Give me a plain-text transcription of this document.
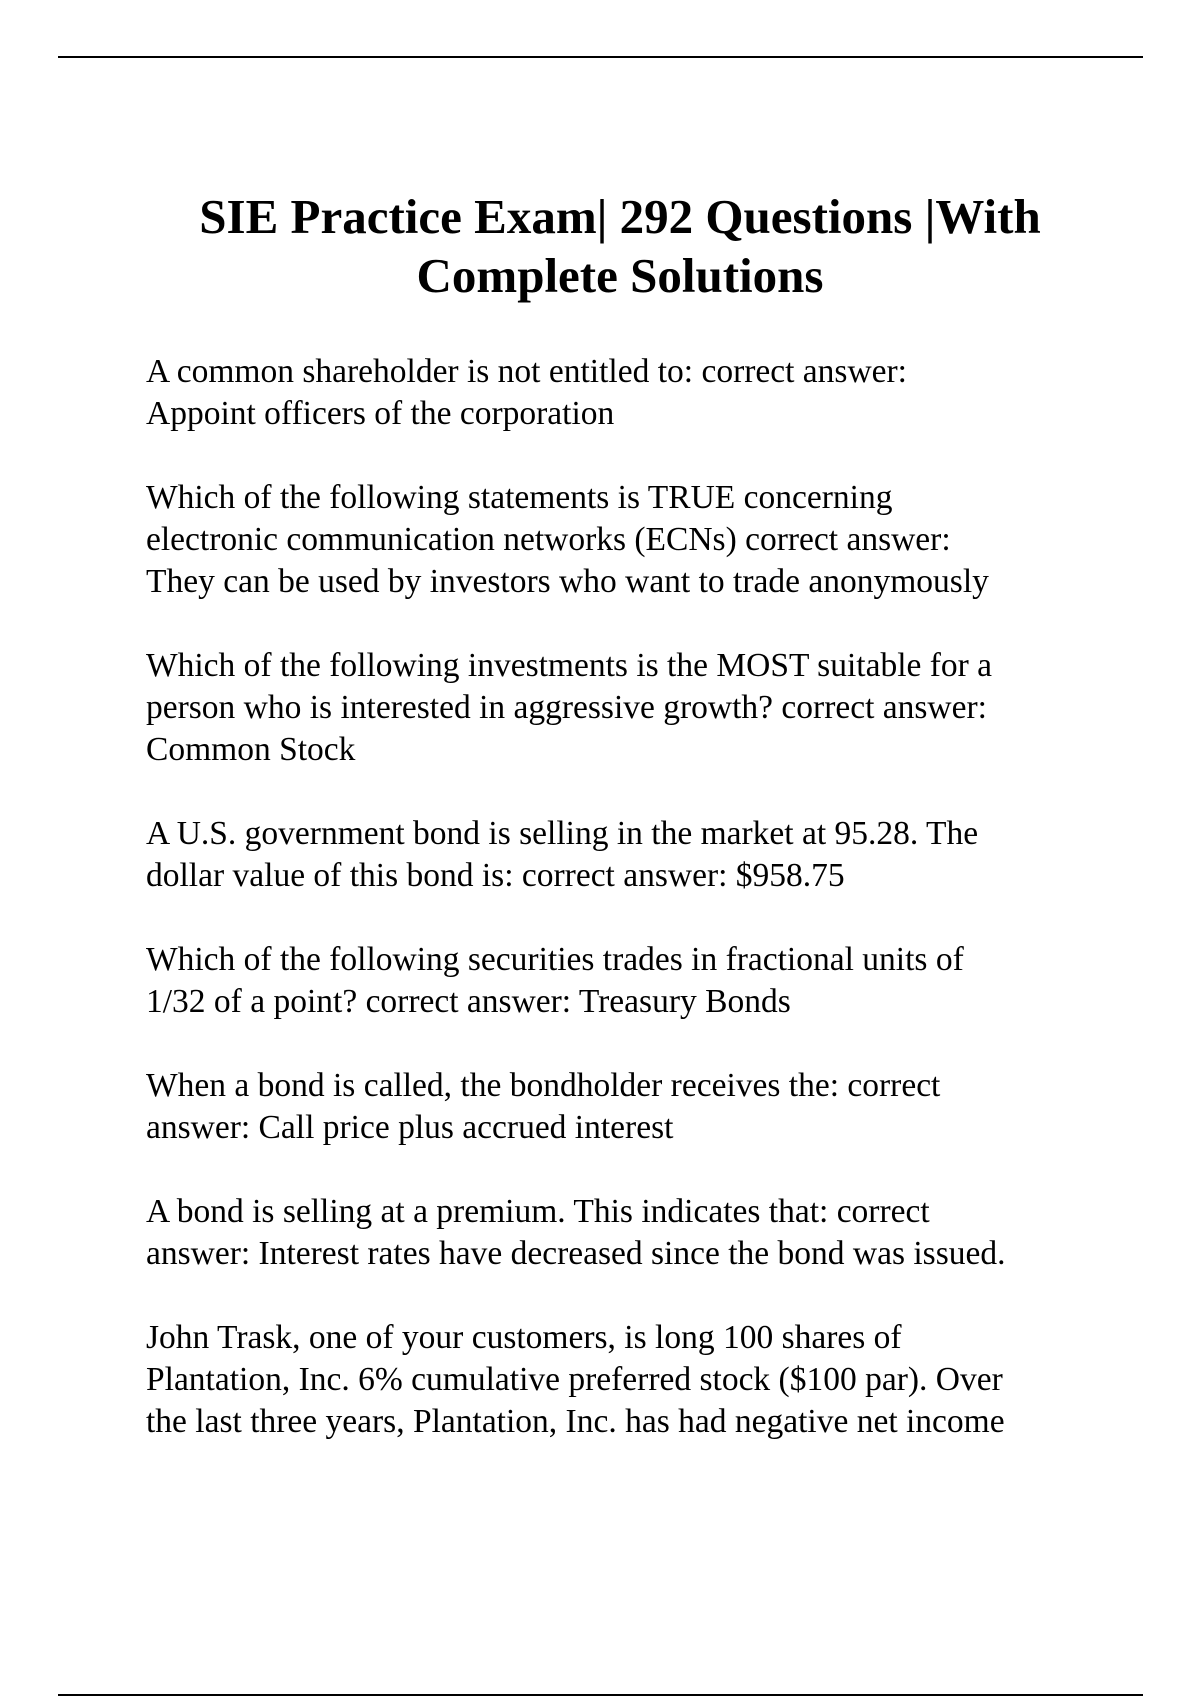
SIE Practice Exam| 292 Questions |With
Complete Solutions

A common shareholder is not entitled to: correct answer:
Appoint officers of the corporation

Which of the following statements is TRUE concerning
electronic communication networks (ECNs) correct answer:
They can be used by investors who want to trade anonymously

Which of the following investments is the MOST suitable for a
person who is interested in aggressive growth? correct answer:
Common Stock

A U.S. government bond is selling in the market at 95.28. The
dollar value of this bond is: correct answer: $958.75

Which of the following securities trades in fractional units of
1/32 of a point? correct answer: Treasury Bonds

When a bond is called, the bondholder receives the: correct
answer: Call price plus accrued interest

A bond is selling at a premium. This indicates that: correct
answer: Interest rates have decreased since the bond was issued.

John Trask, one of your customers, is long 100 shares of
Plantation, Inc. 6% cumulative preferred stock ($100 par). Over
the last three years, Plantation, Inc. has had negative net income
